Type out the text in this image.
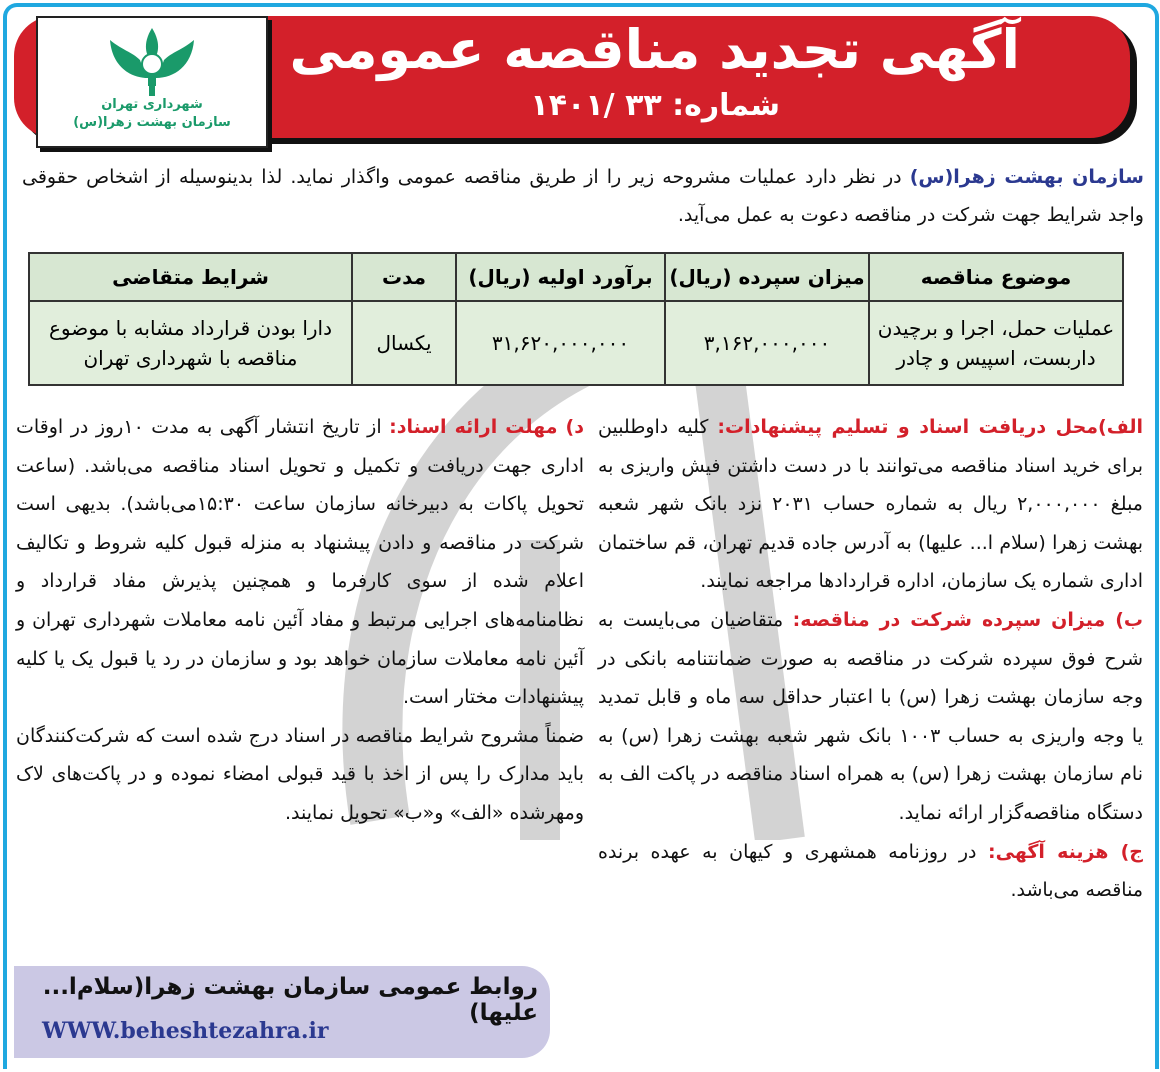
آگهی تجدید مناقصه عمومی
شماره: ۳۳ /۱۴۰۱
شهرداری تهران
سازمان بهشت زهرا(س)
سازمان بهشت زهرا(س) در نظر دارد عملیات مشروحه زیر را از طریق مناقصه عمومی واگذار نماید. لذا بدینوسیله از اشخاص حقوقی واجد شرایط جهت شرکت در مناقصه دعوت به عمل می‌آید.
موضوع مناقصه	میزان سپرده (ریال)	برآورد اولیه (ریال)	مدت	شرایط متقاضی
عملیات حمل، اجرا و برچیدن داربست، اسپیس و چادر	۳,۱۶۲,۰۰۰,۰۰۰	۳۱,۶۲۰,۰۰۰,۰۰۰	یکسال	دارا بودن قرارداد مشابه با موضوع مناقصه با شهرداری تهران
الف)محل دریافت اسناد و تسلیم پیشنهادات: کلیه داوطلبین برای خرید اسناد مناقصه می‌توانند با در دست داشتن فیش واریزی به مبلغ ۲,۰۰۰,۰۰۰ ریال به شماره حساب ۲۰۳۱ نزد بانک شهر شعبه بهشت زهرا (سلام ا... علیها) به آدرس جاده قدیم تهران، قم ساختمان اداری شماره یک سازمان، اداره قراردادها مراجعه نمایند.
ب) میزان سپرده شرکت در مناقصه: متقاضیان می‌بایست به شرح فوق سپرده شرکت در مناقصه به صورت ضمانتنامه بانکی در وجه سازمان بهشت زهرا (س) با اعتبار حداقل سه ماه و قابل تمدید یا وجه واریزی به حساب ۱۰۰۳ بانک شهر شعبه بهشت زهرا (س) به نام سازمان بهشت زهرا (س) به همراه اسناد مناقصه در پاکت الف به دستگاه مناقصه‌گزار ارائه نماید.
ج) هزینه آگهی: در روزنامه همشهری و کیهان به عهده برنده مناقصه می‌باشد.
د) مهلت ارائه اسناد: از تاریخ انتشار آگهی به مدت ۱۰روز در اوقات اداری جهت دریافت و تکمیل و تحویل اسناد مناقصه می‌باشد. (ساعت تحویل پاکات به دبیرخانه سازمان ساعت ۱۵:۳۰می‌باشد). بدیهی است شرکت در مناقصه و دادن پیشنهاد به منزله قبول کلیه شروط و تکالیف اعلام شده از سوی کارفرما و همچنین پذیرش مفاد قرارداد و نظامنامه‌های اجرایی مرتبط و مفاد آئین نامه معاملات شهرداری تهران و آئین نامه معاملات سازمان خواهد بود و سازمان در رد یا قبول یک یا کلیه پیشنهادات مختار است.
ضمناً مشروح شرایط مناقصه در اسناد درج شده است که شرکت‌کنندگان باید مدارک را پس از اخذ با قید قبولی امضاء نموده و در پاکت‌های لاک ومهرشده «الف» و«ب» تحویل نمایند.
روابط عمومی سازمان بهشت زهرا(سلام‌ا... علیها)
WWW.beheshtezahra.ir
